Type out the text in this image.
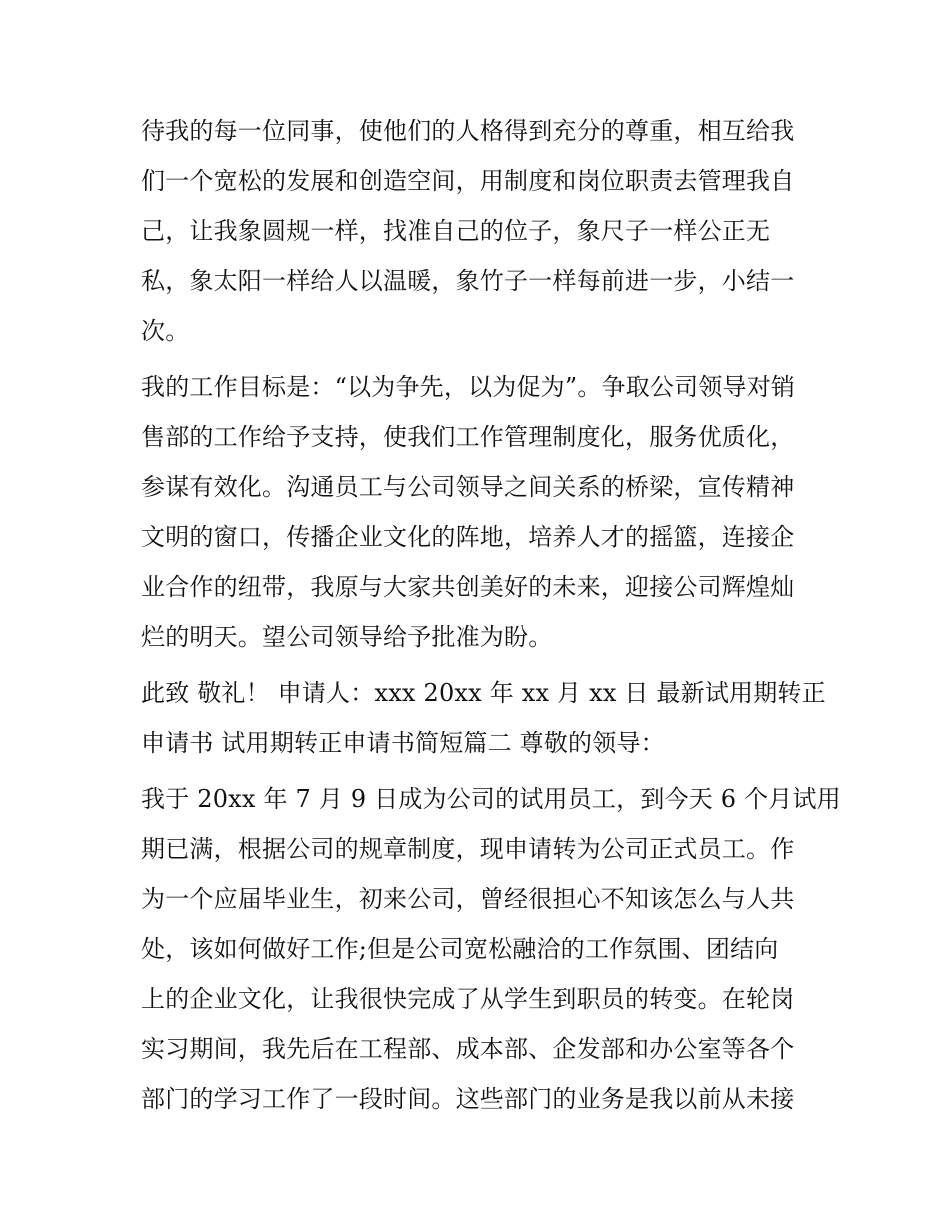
待我的每一位同事，使他们的人格得到充分的尊重，相互给我
们一个宽松的发展和创造空间，用制度和岗位职责去管理我自
己，让我象圆规一样，找准自己的位子，象尺子一样公正无
私，象太阳一样给人以温暖，象竹子一样每前进一步，小结一
次。
我的工作目标是：“以为争先，以为促为”。争取公司领导对销
售部的工作给予支持，使我们工作管理制度化，服务优质化，
参谋有效化。沟通员工与公司领导之间关系的桥梁，宣传精神
文明的窗口，传播企业文化的阵地，培养人才的摇篮，连接企
业合作的纽带，我原与大家共创美好的未来，迎接公司辉煌灿
烂的明天。望公司领导给予批准为盼。
此致 敬礼！ 申请人：xxx 20xx 年 xx 月 xx 日 最新试用期转正
申请书 试用期转正申请书简短篇二 尊敬的领导：
我于 20xx 年 7 月 9 日成为公司的试用员工，到今天 6 个月试用
期已满，根据公司的规章制度，现申请转为公司正式员工。作
为一个应届毕业生，初来公司，曾经很担心不知该怎么与人共
处，该如何做好工作;但是公司宽松融洽的工作氛围、团结向
上的企业文化，让我很快完成了从学生到职员的转变。在轮岗
实习期间，我先后在工程部、成本部、企发部和办公室等各个
部门的学习工作了一段时间。这些部门的业务是我以前从未接
